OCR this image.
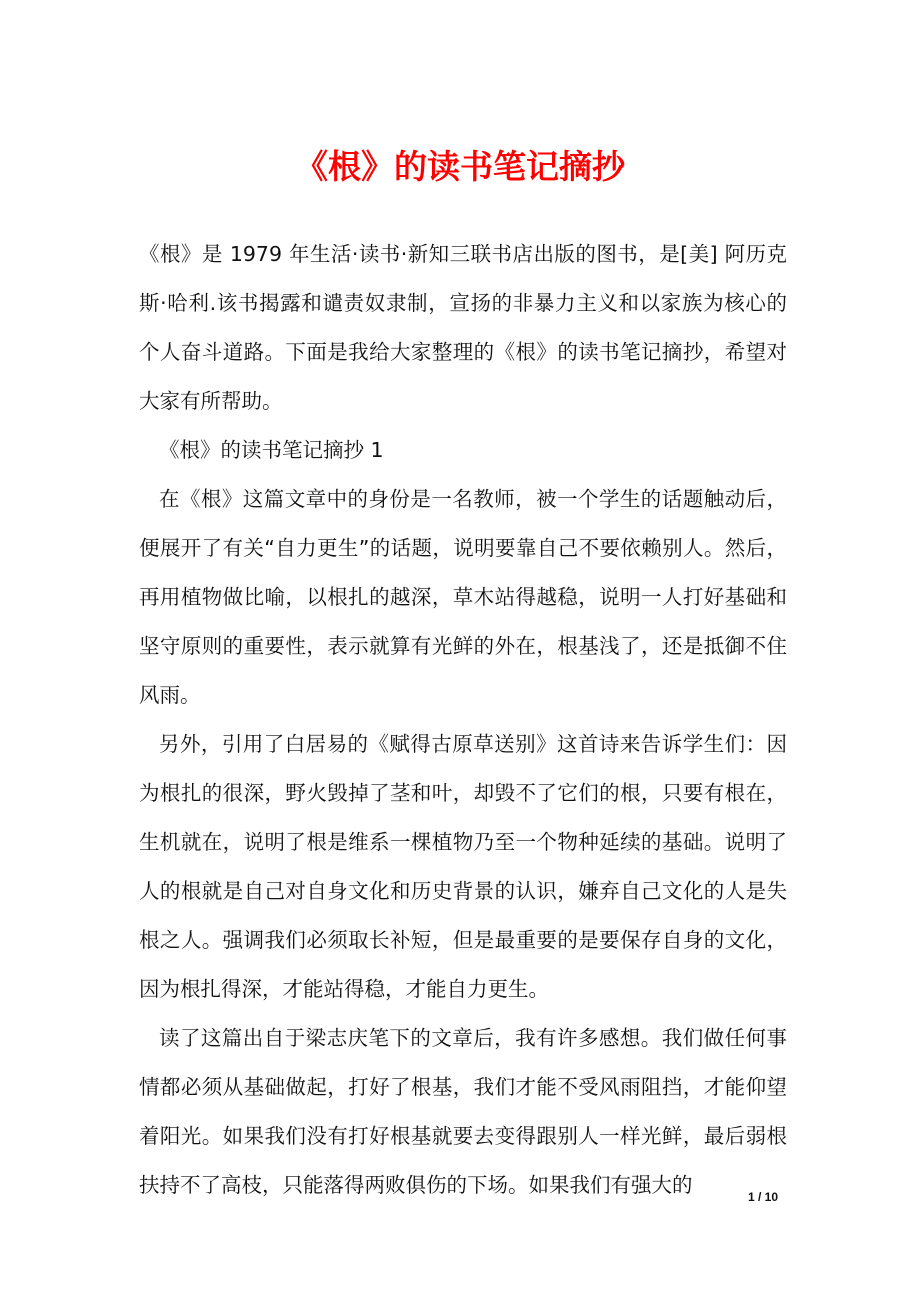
《根》的读书笔记摘抄

《根》是 1979 年生活·读书·新知三联书店出版的图书，是[美] 阿历克斯·哈利.该书揭露和谴责奴隶制，宣扬的非暴力主义和以家族为核心的个人奋斗道路。下面是我给大家整理的《根》的读书笔记摘抄，希望对大家有所帮助。

《根》的读书笔记摘抄 1

在《根》这篇文章中的身份是一名教师，被一个学生的话题触动后，便展开了有关“自力更生”的话题，说明要靠自己不要依赖别人。然后，再用植物做比喻，以根扎的越深，草木站得越稳，说明一人打好基础和坚守原则的重要性，表示就算有光鲜的外在，根基浅了，还是抵御不住风雨。

另外，引用了白居易的《赋得古原草送别》这首诗来告诉学生们：因为根扎的很深，野火毁掉了茎和叶，却毁不了它们的根，只要有根在，生机就在，说明了根是维系一棵植物乃至一个物种延续的基础。说明了人的根就是自己对自身文化和历史背景的认识，嫌弃自己文化的人是失根之人。强调我们必须取长补短，但是最重要的是要保存自身的文化，因为根扎得深，才能站得稳，才能自力更生。

读了这篇出自于梁志庆笔下的文章后，我有许多感想。我们做任何事情都必须从基础做起，打好了根基，我们才能不受风雨阻挡，才能仰望着阳光。如果我们没有打好根基就要去变得跟别人一样光鲜，最后弱根扶持不了高枝，只能落得两败俱伤的下场。如果我们有强大的	1 / 10
